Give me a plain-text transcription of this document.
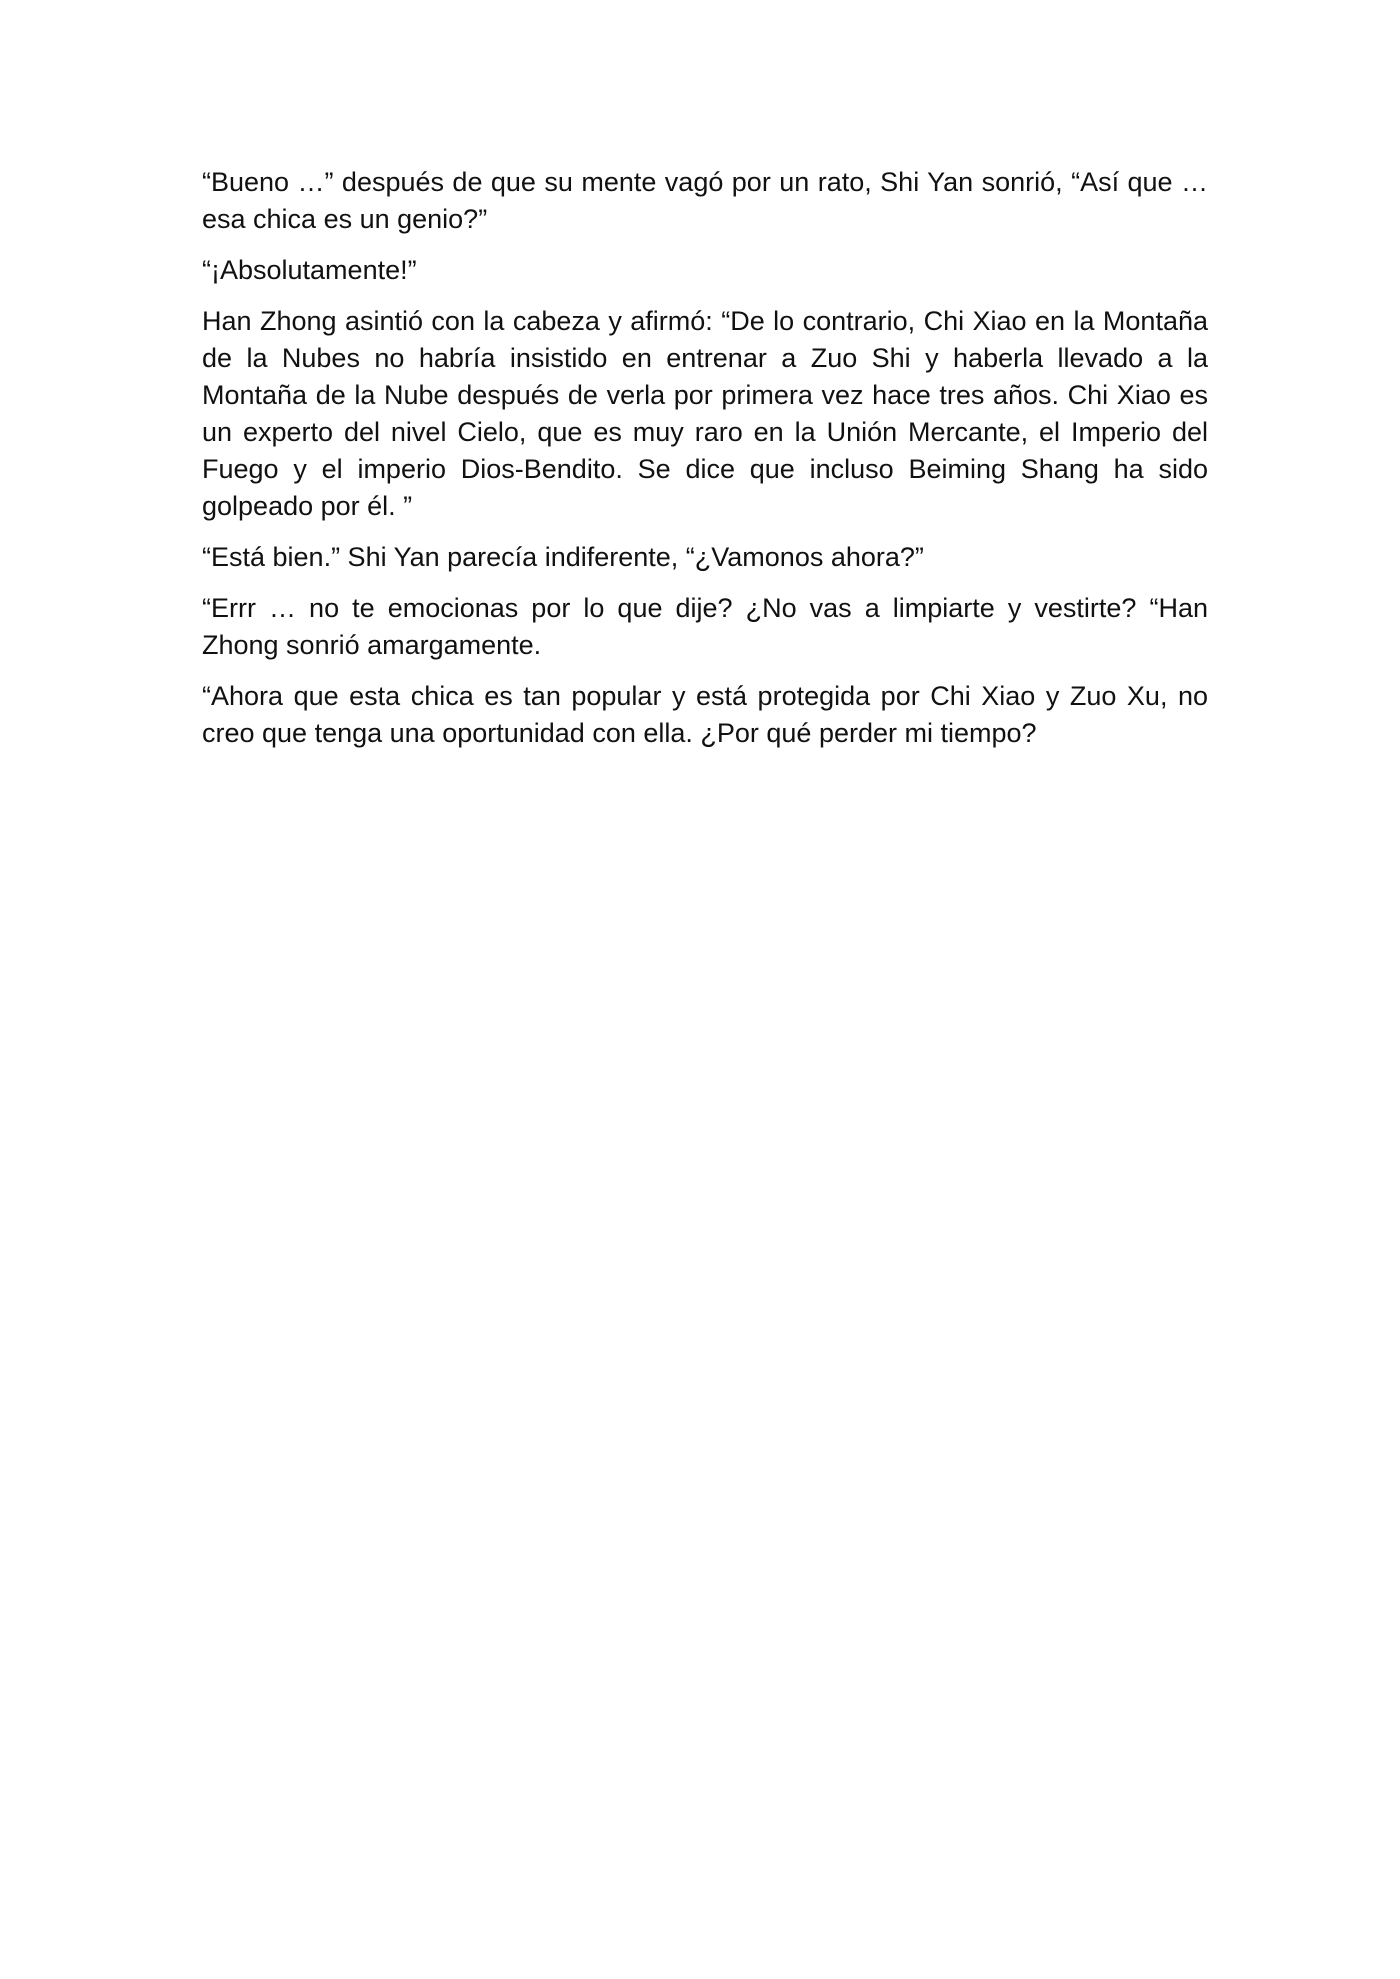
“Bueno …” después de que su mente vagó por un rato, Shi Yan sonrió, “Así que … esa chica es un genio?”

“¡Absolutamente!”

Han Zhong asintió con la cabeza y afirmó: “De lo contrario, Chi Xiao en la Montaña de la Nubes no habría insistido en entrenar a Zuo Shi y haberla llevado a la Montaña de la Nube después de verla por primera vez hace tres años. Chi Xiao es un experto del nivel Cielo, que es muy raro en la Unión Mercante, el Imperio del Fuego y el imperio Dios-Bendito. Se dice que incluso Beiming Shang ha sido golpeado por él. ”

“Está bien.” Shi Yan parecía indiferente, “¿Vamonos ahora?”

“Errr … no te emocionas por lo que dije? ¿No vas a limpiarte y vestirte? “Han Zhong sonrió amargamente.

“Ahora que esta chica es tan popular y está protegida por Chi Xiao y Zuo Xu, no creo que tenga una oportunidad con ella. ¿Por qué perder mi tiempo?
